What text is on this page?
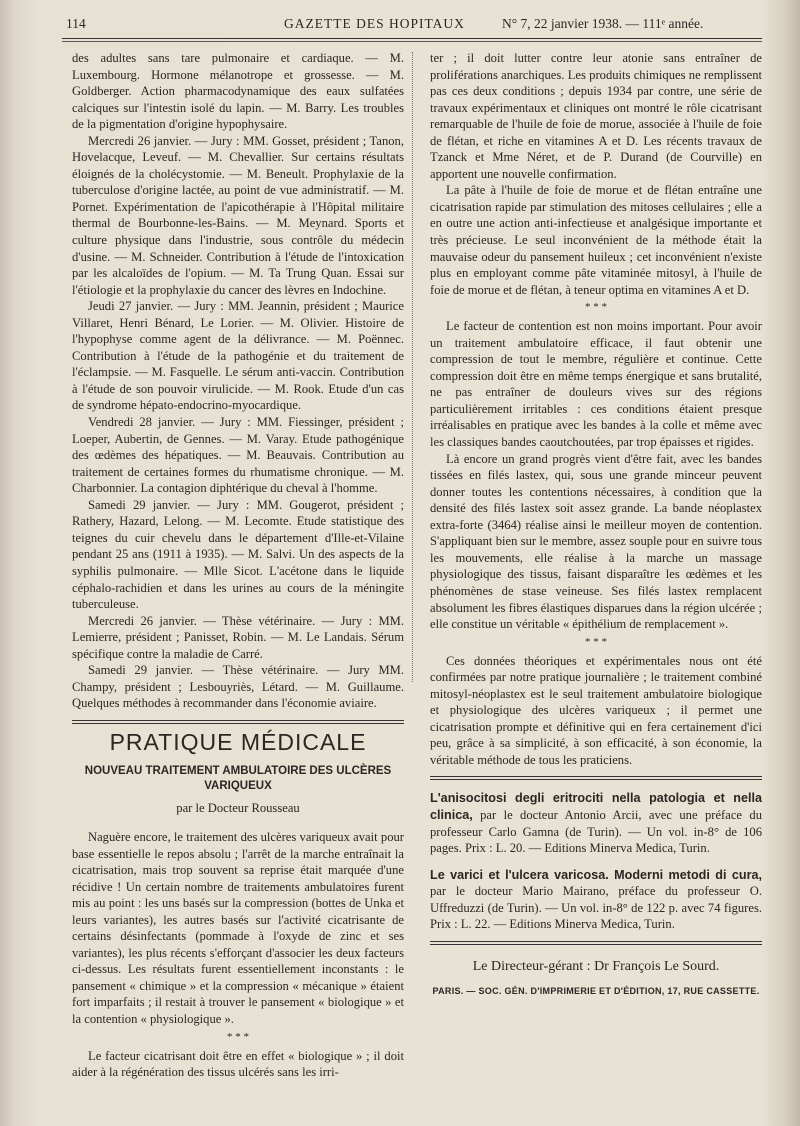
114	GAZETTE DES HOPITAUX	N° 7, 22 janvier 1938. — 111ᵉ année.

des adultes sans tare pulmonaire et cardiaque. — M. Luxembourg. Hormone mélanotrope et grossesse. — M. Goldberger. Action pharmacodynamique des eaux sulfatées calciques sur l'intestin isolé du lapin. — M. Barry. Les troubles de la pigmentation d'origine hypophysaire.

Mercredi 26 janvier. — Jury : MM. Gosset, président ; Tanon, Hovelacque, Leveuf. — M. Chevallier. Sur certains résultats éloignés de la cholécystomie. — M. Beneult. Prophylaxie de la tuberculose d'origine lactée, au point de vue administratif. — M. Pornet. Expérimentation de l'apicothérapie à l'Hôpital militaire thermal de Bourbonne-les-Bains. — M. Meynard. Sports et culture physique dans l'industrie, sous contrôle du médecin d'usine. — M. Schneider. Contribution à l'étude de l'intoxication par les alcaloïdes de l'opium. — M. Ta Trung Quan. Essai sur l'étiologie et la prophylaxie du cancer des lèvres en Indochine.

Jeudi 27 janvier. — Jury : MM. Jeannin, président ; Maurice Villaret, Henri Bénard, Le Lorier. — M. Olivier. Histoire de l'hypophyse comme agent de la délivrance. — M. Poënnec. Contribution à l'étude de la pathogénie et du traitement de l'éclampsie. — M. Fasquelle. Le sérum anti-vaccin. Contribution à l'étude de son pouvoir virulicide. — M. Rook. Etude d'un cas de syndrome hépato-endocrino-myocardique.

Vendredi 28 janvier. — Jury : MM. Fiessinger, président ; Loeper, Aubertin, de Gennes. — M. Varay. Etude pathogénique des œdèmes des hépatiques. — M. Beauvais. Contribution au traitement de certaines formes du rhumatisme chronique. — M. Charbonnier. La contagion diphtérique du cheval à l'homme.

Samedi 29 janvier. — Jury : MM. Gougerot, président ; Rathery, Hazard, Lelong. — M. Lecomte. Etude statistique des teignes du cuir chevelu dans le département d'Ille-et-Vilaine pendant 25 ans (1911 à 1935). — M. Salvi. Un des aspects de la syphilis pulmonaire. — Mlle Sicot. L'acétone dans le liquide céphalo-rachidien et dans les urines au cours de la méningite tuberculeuse.

Mercredi 26 janvier. — Thèse vétérinaire. — Jury : MM. Lemierre, président ; Panisset, Robin. — M. Le Landais. Sérum spécifique contre la maladie de Carré.

Samedi 29 janvier. — Thèse vétérinaire. — Jury MM. Champy, président ; Lesbouyriès, Létard. — M. Guillaume. Quelques méthodes à recommander dans l'économie aviaire.

PRATIQUE MÉDICALE
NOUVEAU TRAITEMENT AMBULATOIRE DES ULCÈRES VARIQUEUX
par le Docteur Rousseau

Naguère encore, le traitement des ulcères variqueux avait pour base essentielle le repos absolu ; l'arrêt de la marche entraînait la cicatrisation, mais trop souvent sa reprise était marquée d'une récidive ! Un certain nombre de traitements ambulatoires furent mis au point : les uns basés sur la compression (bottes de Unka et leurs variantes), les autres basés sur l'activité cicatrisante de certains désinfectants (pommade à l'oxyde de zinc et ses variantes), les plus récents s'efforçant d'associer les deux facteurs ci-dessus. Les résultats furent essentiellement inconstants : le pansement « chimique » et la compression « mécanique » étaient fort imparfaits ; il restait à trouver le pansement « biologique » et la contention « physiologique ».

* * *

Le facteur cicatrisant doit être en effet « biologique » ; il doit aider à la régénération des tissus ulcérés sans les irri-

ter ; il doit lutter contre leur atonie sans entraîner de proliférations anarchiques. Les produits chimiques ne remplissent pas ces deux conditions ; depuis 1934 par contre, une série de travaux expérimentaux et cliniques ont montré le rôle cicatrisant remarquable de l'huile de foie de morue, associée à l'huile de foie de flétan, et riche en vitamines A et D. Les récents travaux de Tzanck et Mme Néret, et de P. Durand (de Courville) en apportent une nouvelle confirmation.

La pâte à l'huile de foie de morue et de flétan entraîne une cicatrisation rapide par stimulation des mitoses cellulaires ; elle a en outre une action anti-infectieuse et analgésique importante et très précieuse. Le seul inconvénient de la méthode était la mauvaise odeur du pansement huileux ; cet inconvénient n'existe plus en employant comme pâte vitaminée mitosyl, à l'huile de foie de morue et de flétan, à teneur optima en vitamines A et D.

* * *

Le facteur de contention est non moins important. Pour avoir un traitement ambulatoire efficace, il faut obtenir une compression de tout le membre, régulière et continue. Cette compression doit être en même temps énergique et sans brutalité, ne pas entraîner de douleurs vives sur des régions particulièrement irritables : ces conditions étaient presque irréalisables en pratique avec les bandes à la colle et même avec les classiques bandes caoutchoutées, par trop épaisses et rigides.

Là encore un grand progrès vient d'être fait, avec les bandes tissées en filés lastex, qui, sous une grande minceur peuvent donner toutes les contentions nécessaires, à condition que la densité des filés lastex soit assez grande. La bande néoplastex extra-forte (3464) réalise ainsi le meilleur moyen de contention. S'appliquant bien sur le membre, assez souple pour en suivre tous les mouvements, elle réalise à la marche un massage physiologique des tissus, faisant disparaître les œdèmes et les phénomènes de stase veineuse. Ses filés lastex remplacent absolument les fibres élastiques disparues dans la région ulcérée ; elle constitue un véritable « épithélium de remplacement ».

* * *

Ces données théoriques et expérimentales nous ont été confirmées par notre pratique journalière ; le traitement combiné mitosyl-néoplastex est le seul traitement ambulatoire biologique et physiologique des ulcères variqueux ; il permet une cicatrisation prompte et définitive qui en fera certainement d'ici peu, grâce à sa simplicité, à son efficacité, à son économie, la véritable méthode de tous les praticiens.

L'anisocitosi degli eritrociti nella patologia et nella clinica, par le docteur Antonio Arcii, avec une préface du professeur Carlo Gamna (de Turin). — Un vol. in-8° de 106 pages. Prix : L. 20. — Editions Minerva Medica, Turin.

Le varici et l'ulcera varicosa. Moderni metodi di cura, par le docteur Mario Mairano, préface du professeur O. Uffreduzzi (de Turin). — Un vol. in-8° de 122 p. avec 74 figures. Prix : L. 22. — Editions Minerva Medica, Turin.

Le Directeur-gérant : Dr François Le Sourd.
PARIS. — SOC. GÉN. D'IMPRIMERIE ET D'ÉDITION, 17, RUE CASSETTE.
